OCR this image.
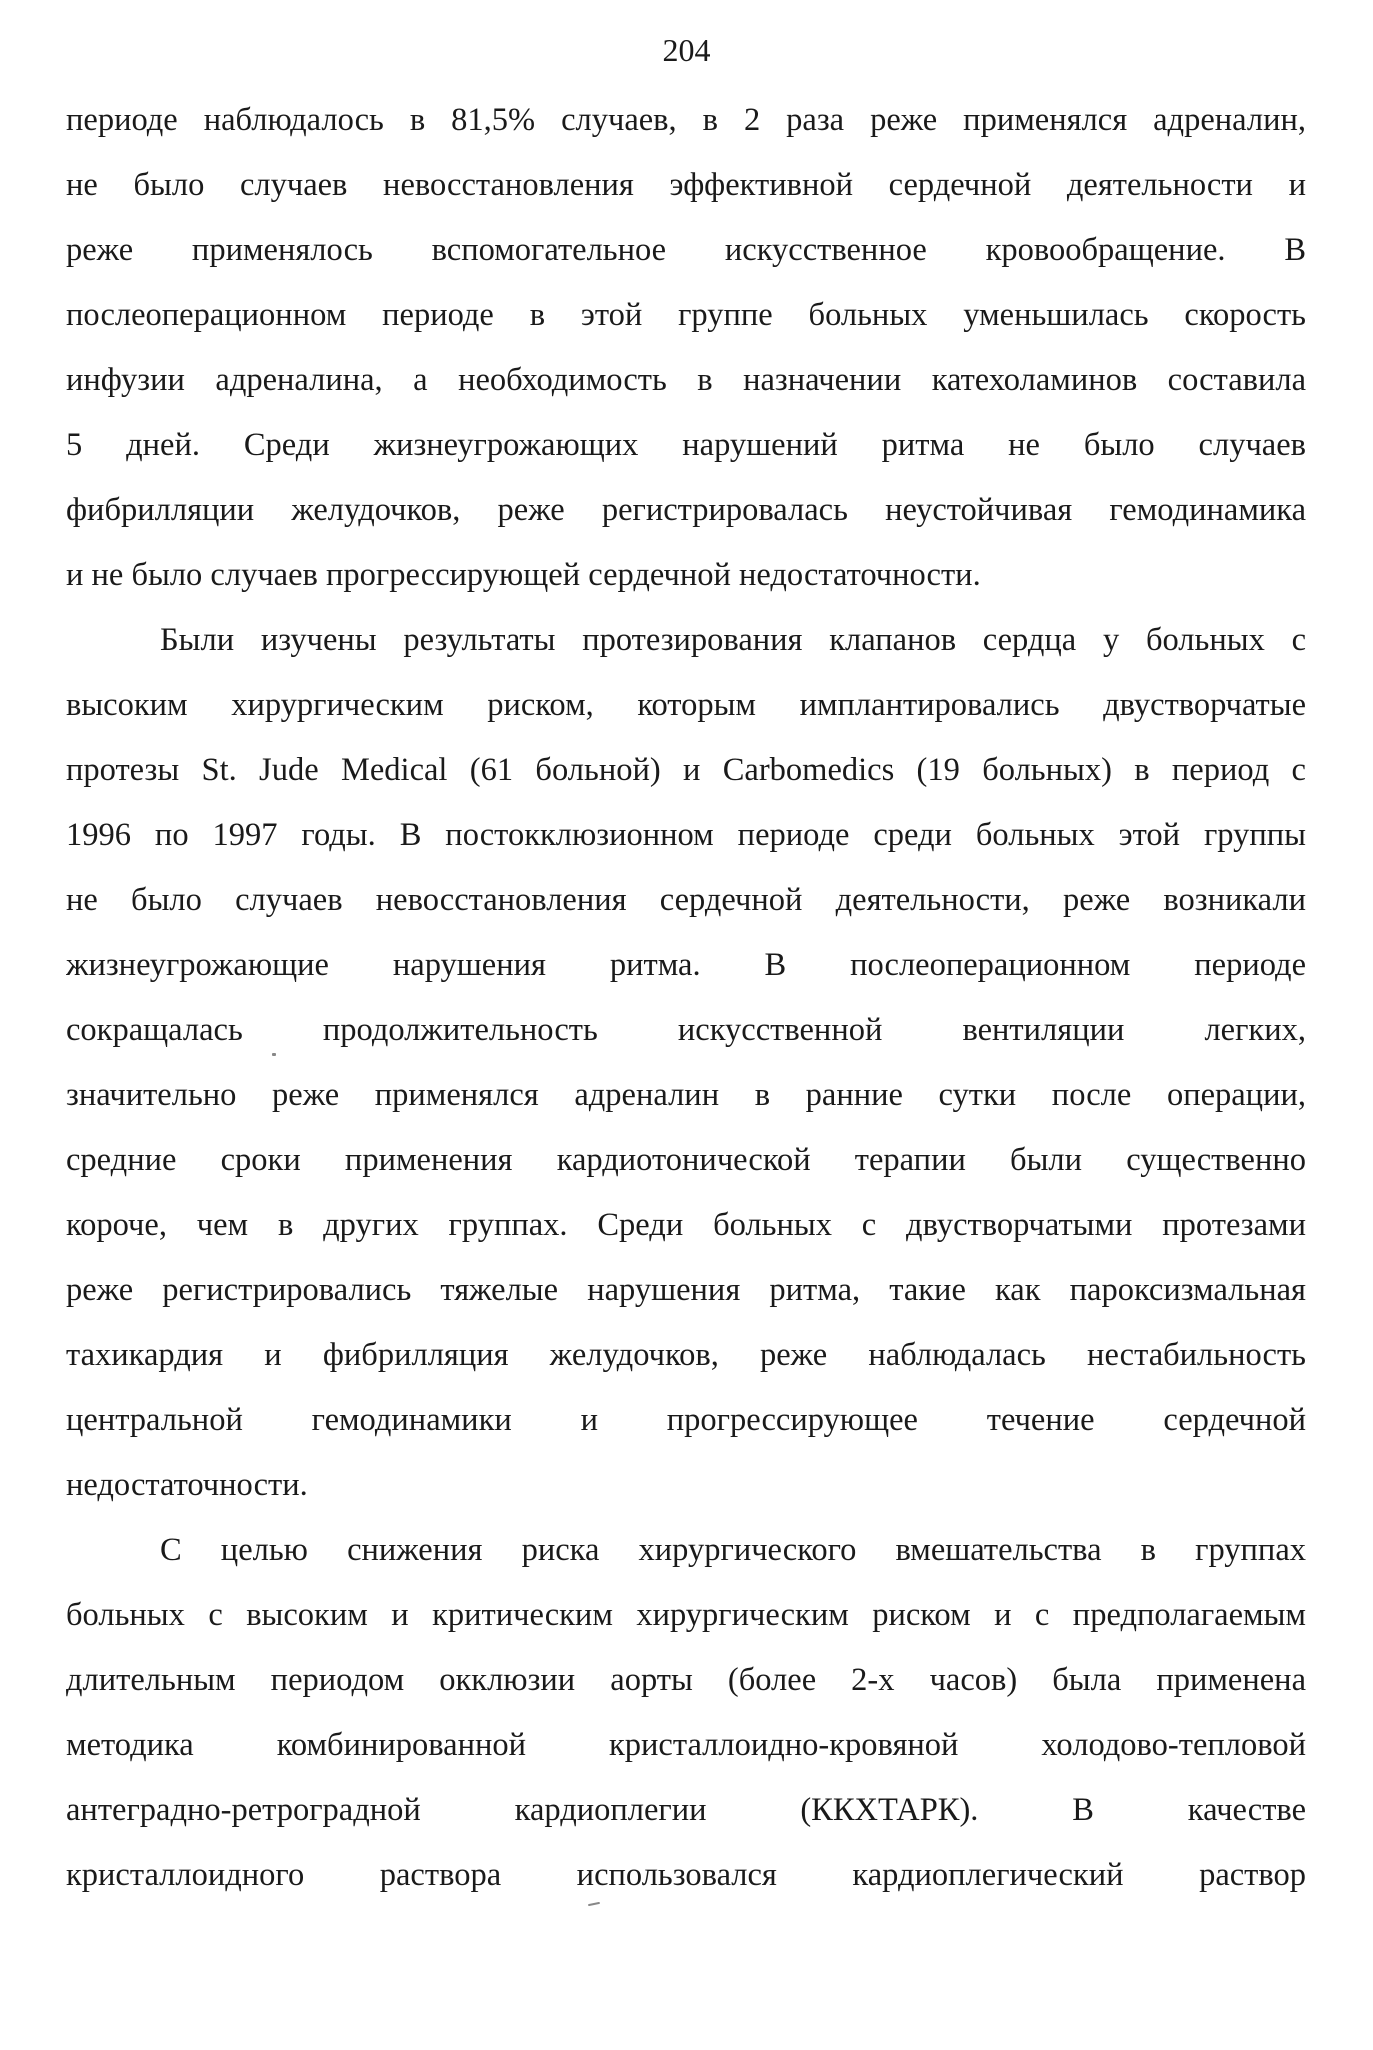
204
периоде наблюдалось в 81,5% случаев, в 2 раза реже применялся адреналин,
не было случаев невосстановления эффективной сердечной деятельности и
реже применялось вспомогательное искусственное кровообращение. В
послеоперационном периоде в этой группе больных уменьшилась скорость
инфузии адреналина, а необходимость в назначении катехоламинов составила
5 дней. Среди жизнеугрожающих нарушений ритма не было случаев
фибрилляции желудочков, реже регистрировалась неустойчивая гемодинамика
и не было случаев прогрессирующей сердечной недостаточности.
Были изучены результаты протезирования клапанов сердца у больных с
высоким хирургическим риском, которым имплантировались двустворчатые
протезы St. Jude Medical (61 больной) и Carbomedics (19 больных) в период с
1996 по 1997 годы. В постокклюзионном периоде среди больных этой группы
не было случаев невосстановления сердечной деятельности, реже возникали
жизнеугрожающие нарушения ритма. В послеоперационном периоде
сокращалась продолжительность искусственной вентиляции легких,
значительно реже применялся адреналин в ранние сутки после операции,
средние сроки применения кардиотонической терапии были существенно
короче, чем в других группах. Среди больных с двустворчатыми протезами
реже регистрировались тяжелые нарушения ритма, такие как пароксизмальная
тахикардия и фибрилляция желудочков, реже наблюдалась нестабильность
центральной гемодинамики и прогрессирующее течение сердечной
недостаточности.
С целью снижения риска хирургического вмешательства в группах
больных с высоким и критическим хирургическим риском и с предполагаемым
длительным периодом окклюзии аорты (более 2-х часов) была применена
методика комбинированной кристаллоидно-кровяной холодово-тепловой
антеградно-ретроградной кардиоплегии (ККХТАРК). В качестве
кристаллоидного раствора использовался кардиоплегический раствор
